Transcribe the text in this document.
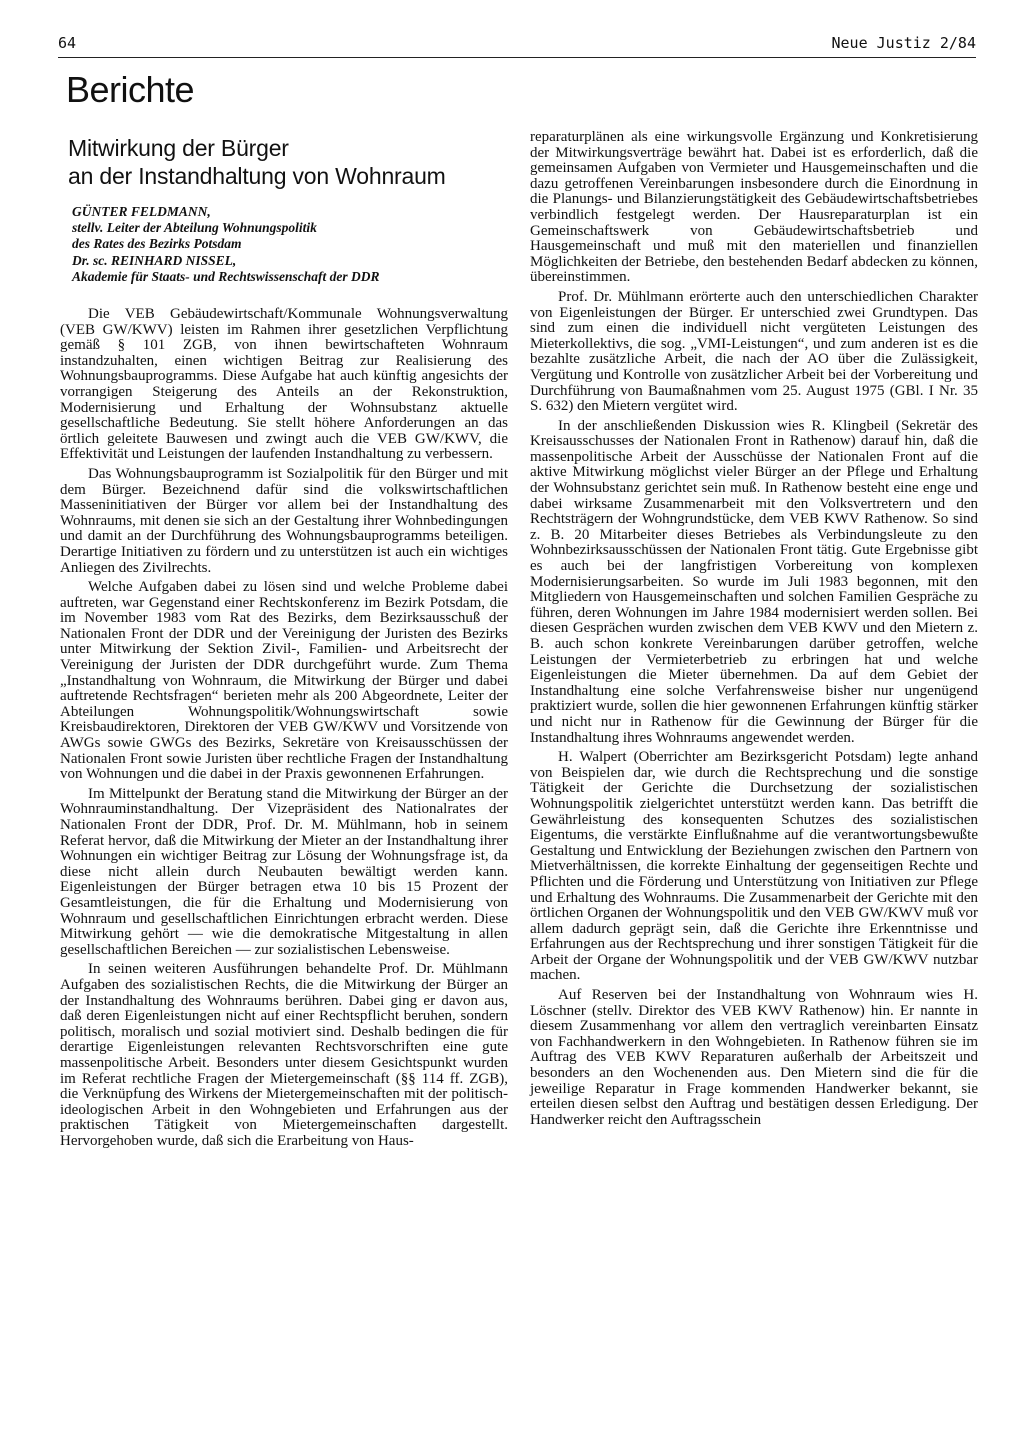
64	Neue Justiz 2/84
Berichte
Mitwirkung der Bürger
an der Instandhaltung von Wohnraum
GÜNTER FELDMANN,
stellv. Leiter der Abteilung Wohnungspolitik
des Rates des Bezirks Potsdam
Dr. sc. REINHARD NISSEL,
Akademie für Staats- und Rechtswissenschaft der DDR

Die VEB Gebäudewirtschaft/Kommunale Wohnungsverwaltung (VEB GW/KWV) leisten im Rahmen ihrer gesetzlichen Verpflichtung gemäß § 101 ZGB, von ihnen bewirtschafteten Wohnraum instandzuhalten, einen wichtigen Beitrag zur Realisierung des Wohnungsbauprogramms. Diese Aufgabe hat auch künftig angesichts der vorrangigen Steigerung des Anteils an der Rekonstruktion, Modernisierung und Erhaltung der Wohnsubstanz aktuelle gesellschaftliche Bedeutung. Sie stellt höhere Anforderungen an das örtlich geleitete Bauwesen und zwingt auch die VEB GW/KWV, die Effektivität und Leistungen der laufenden Instandhaltung zu verbessern.

Das Wohnungsbauprogramm ist Sozialpolitik für den Bürger und mit dem Bürger. Bezeichnend dafür sind die volkswirtschaftlichen Masseninitiativen der Bürger vor allem bei der Instandhaltung des Wohnraums, mit denen sie sich an der Gestaltung ihrer Wohnbedingungen und damit an der Durchführung des Wohnungsbauprogramms beteiligen. Derartige Initiativen zu fördern und zu unterstützen ist auch ein wichtiges Anliegen des Zivilrechts.

Welche Aufgaben dabei zu lösen sind und welche Probleme dabei auftreten, war Gegenstand einer Rechtskonferenz im Bezirk Potsdam, die im November 1983 vom Rat des Bezirks, dem Bezirksausschuß der Nationalen Front der DDR und der Vereinigung der Juristen des Bezirks unter Mitwirkung der Sektion Zivil-, Familien- und Arbeitsrecht der Vereinigung der Juristen der DDR durchgeführt wurde. Zum Thema „Instandhaltung von Wohnraum, die Mitwirkung der Bürger und dabei auftretende Rechtsfragen“ berieten mehr als 200 Abgeordnete, Leiter der Abteilungen Wohnungspolitik/Wohnungswirtschaft sowie Kreisbaudirektoren, Direktoren der VEB GW/KWV und Vorsitzende von AWGs sowie GWGs des Bezirks, Sekretäre von Kreisausschüssen der Nationalen Front sowie Juristen über rechtliche Fragen der Instandhaltung von Wohnungen und die dabei in der Praxis gewonnenen Erfahrungen.

Im Mittelpunkt der Beratung stand die Mitwirkung der Bürger an der Wohnrauminstandhaltung. Der Vizepräsident des Nationalrates der Nationalen Front der DDR, Prof. Dr. M. Mühlmann, hob in seinem Referat hervor, daß die Mitwirkung der Mieter an der Instandhaltung ihrer Wohnungen ein wichtiger Beitrag zur Lösung der Wohnungsfrage ist, da diese nicht allein durch Neubauten bewältigt werden kann. Eigenleistungen der Bürger betragen etwa 10 bis 15 Prozent der Gesamtleistungen, die für die Erhaltung und Modernisierung von Wohnraum und gesellschaftlichen Einrichtungen erbracht werden. Diese Mitwirkung gehört — wie die demokratische Mitgestaltung in allen gesellschaftlichen Bereichen — zur sozialistischen Lebensweise.

In seinen weiteren Ausführungen behandelte Prof. Dr. Mühlmann Aufgaben des sozialistischen Rechts, die die Mitwirkung der Bürger an der Instandhaltung des Wohnraums berühren. Dabei ging er davon aus, daß deren Eigenleistungen nicht auf einer Rechtspflicht beruhen, sondern politisch, moralisch und sozial motiviert sind. Deshalb bedingen die für derartige Eigenleistungen relevanten Rechtsvorschriften eine gute massenpolitische Arbeit. Besonders unter diesem Gesichtspunkt wurden im Referat rechtliche Fragen der Mietergemeinschaft (§§ 114 ff. ZGB), die Verknüpfung des Wirkens der Mietergemeinschaften mit der politisch-ideologischen Arbeit in den Wohngebieten und Erfahrungen aus der praktischen Tätigkeit von Mietergemeinschaften dargestellt. Hervorgehoben wurde, daß sich die Erarbeitung von Haus-

reparaturplänen als eine wirkungsvolle Ergänzung und Konkretisierung der Mitwirkungsverträge bewährt hat. Dabei ist es erforderlich, daß die gemeinsamen Aufgaben von Vermieter und Hausgemeinschaften und die dazu getroffenen Vereinbarungen insbesondere durch die Einordnung in die Planungs- und Bilanzierungstätigkeit des Gebäudewirtschaftsbetriebes verbindlich festgelegt werden. Der Hausreparaturplan ist ein Gemeinschaftswerk von Gebäudewirtschaftsbetrieb und Hausgemeinschaft und muß mit den materiellen und finanziellen Möglichkeiten der Betriebe, den bestehenden Bedarf abdecken zu können, übereinstimmen.

Prof. Dr. Mühlmann erörterte auch den unterschiedlichen Charakter von Eigenleistungen der Bürger. Er unterschied zwei Grundtypen. Das sind zum einen die individuell nicht vergüteten Leistungen des Mieterkollektivs, die sog. „VMI-Leistungen“, und zum anderen ist es die bezahlte zusätzliche Arbeit, die nach der AO über die Zulässigkeit, Vergütung und Kontrolle von zusätzlicher Arbeit bei der Vorbereitung und Durchführung von Baumaßnahmen vom 25. August 1975 (GBl. I Nr. 35 S. 632) den Mietern vergütet wird.

In der anschließenden Diskussion wies R. Klingbeil (Sekretär des Kreisausschusses der Nationalen Front in Rathenow) darauf hin, daß die massenpolitische Arbeit der Ausschüsse der Nationalen Front auf die aktive Mitwirkung möglichst vieler Bürger an der Pflege und Erhaltung der Wohnsubstanz gerichtet sein muß. In Rathenow besteht eine enge und dabei wirksame Zusammenarbeit mit den Volksvertretern und den Rechtsträgern der Wohngrundstücke, dem VEB KWV Rathenow. So sind z. B. 20 Mitarbeiter dieses Betriebes als Verbindungsleute zu den Wohnbezirksausschüssen der Nationalen Front tätig. Gute Ergebnisse gibt es auch bei der langfristigen Vorbereitung von komplexen Modernisierungsarbeiten. So wurde im Juli 1983 begonnen, mit den Mitgliedern von Hausgemeinschaften und solchen Familien Gespräche zu führen, deren Wohnungen im Jahre 1984 modernisiert werden sollen. Bei diesen Gesprächen wurden zwischen dem VEB KWV und den Mietern z. B. auch schon konkrete Vereinbarungen darüber getroffen, welche Leistungen der Vermieterbetrieb zu erbringen hat und welche Eigenleistungen die Mieter übernehmen. Da auf dem Gebiet der Instandhaltung eine solche Verfahrensweise bisher nur ungenügend praktiziert wurde, sollen die hier gewonnenen Erfahrungen künftig stärker und nicht nur in Rathenow für die Gewinnung der Bürger für die Instandhaltung ihres Wohnraums angewendet werden.

H. Walpert (Oberrichter am Bezirksgericht Potsdam) legte anhand von Beispielen dar, wie durch die Rechtsprechung und die sonstige Tätigkeit der Gerichte die Durchsetzung der sozialistischen Wohnungspolitik zielgerichtet unterstützt werden kann. Das betrifft die Gewährleistung des konsequenten Schutzes des sozialistischen Eigentums, die verstärkte Einflußnahme auf die verantwortungsbewußte Gestaltung und Entwicklung der Beziehungen zwischen den Partnern von Mietverhältnissen, die korrekte Einhaltung der gegenseitigen Rechte und Pflichten und die Förderung und Unterstützung von Initiativen zur Pflege und Erhaltung des Wohnraums. Die Zusammenarbeit der Gerichte mit den örtlichen Organen der Wohnungspolitik und den VEB GW/KWV muß vor allem dadurch geprägt sein, daß die Gerichte ihre Erkenntnisse und Erfahrungen aus der Rechtsprechung und ihrer sonstigen Tätigkeit für die Arbeit der Organe der Wohnungspolitik und der VEB GW/KWV nutzbar machen.

Auf Reserven bei der Instandhaltung von Wohnraum wies H. Löschner (stellv. Direktor des VEB KWV Rathenow) hin. Er nannte in diesem Zusammenhang vor allem den vertraglich vereinbarten Einsatz von Fachhandwerkern in den Wohngebieten. In Rathenow führen sie im Auftrag des VEB KWV Reparaturen außerhalb der Arbeitszeit und besonders an den Wochenenden aus. Den Mietern sind die für die jeweilige Reparatur in Frage kommenden Handwerker bekannt, sie erteilen diesen selbst den Auftrag und bestätigen dessen Erledigung. Der Handwerker reicht den Auftragsschein
